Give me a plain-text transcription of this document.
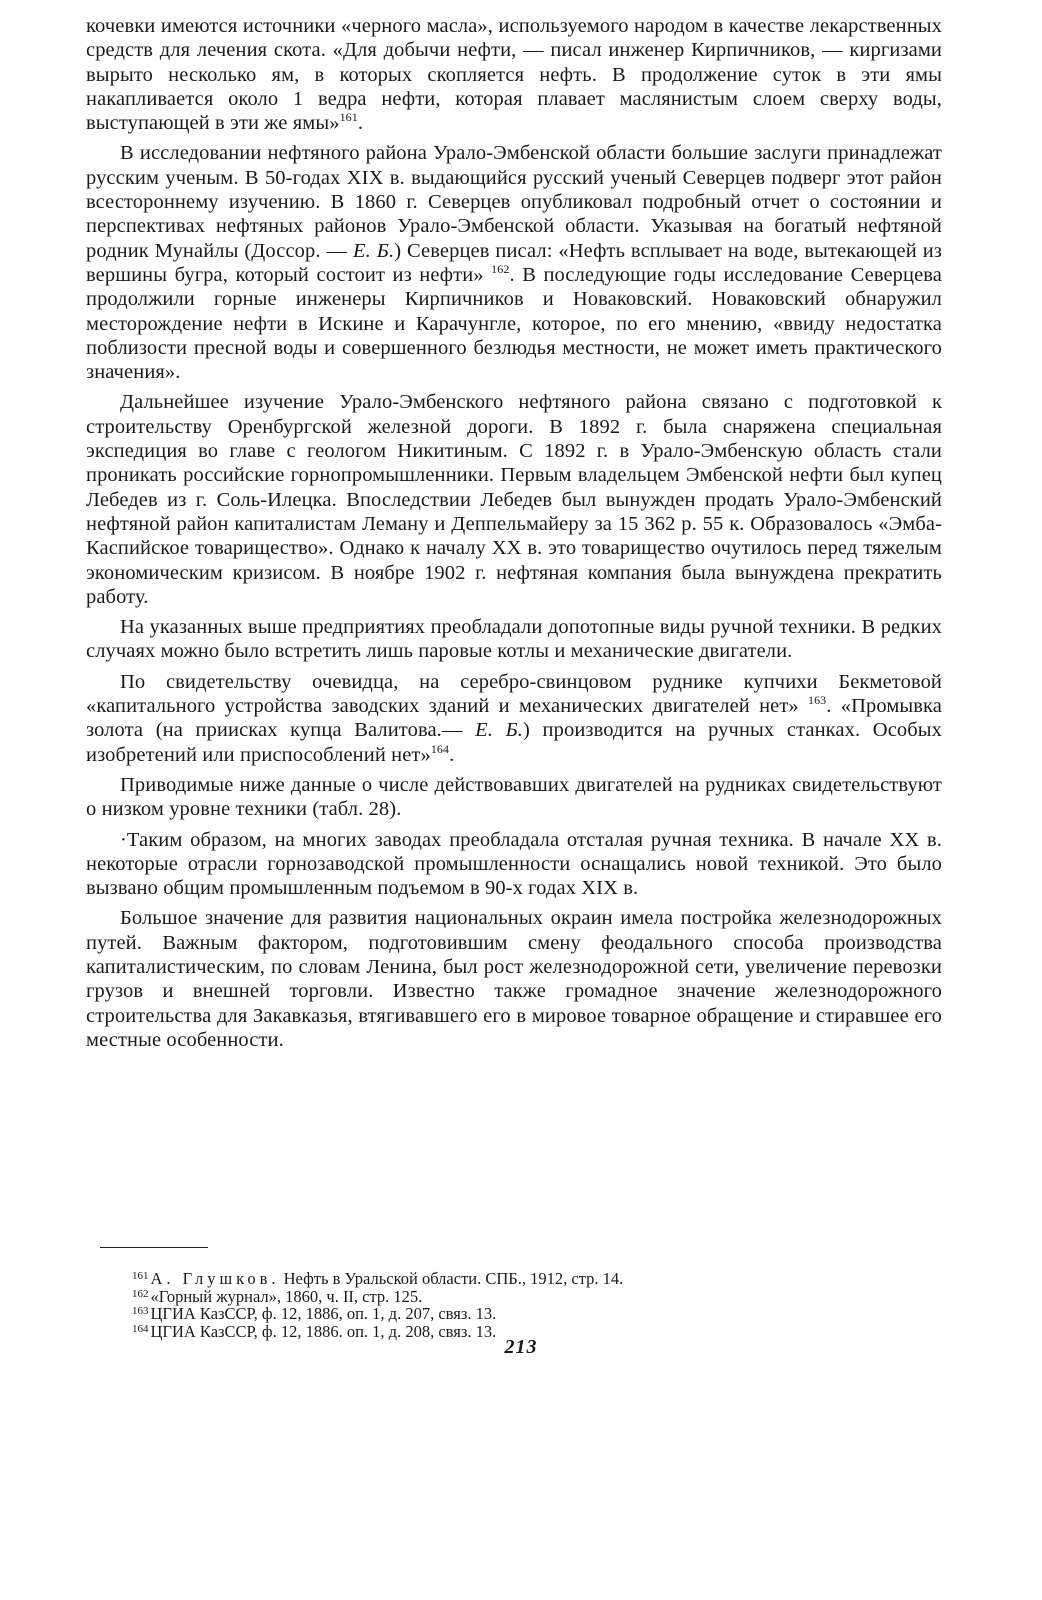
кочевки имеются источники «черного масла», используемого народом в качестве лекарственных средств для лечения скота. «Для добычи нефти, — писал инженер Кирпичников, — киргизами вырыто несколько ям, в которых скопляется нефть. В продолжение суток в эти ямы накапливается около 1 ведра нефти, которая плавает маслянистым слоем сверху воды, выступающей в эти же ямы»$^{161}$.

В исследовании нефтяного района Урало-Эмбенской области большие заслуги принадлежат русским ученым. В 50-годах XIX в. выдающийся русский ученый Северцев подверг этот район всестороннему изучению. В 1860 г. Северцев опубликовал подробный отчет о состоянии и перспективах нефтяных районов Урало-Эмбенской области. Указывая на богатый нефтяной родник Мунайлы (Доссор. — Е. Б.) Северцев писал: «Нефть всплывает на воде, вытекающей из вершины бугра, который состоит из нефти» $^{162}$. В последующие годы исследование Северцева продолжили горные инженеры Кирпичников и Новаковский. Новаковский обнаружил месторождение нефти в Искине и Карачунгле, которое, по его мнению, «ввиду недостатка поблизости пресной воды и совершенного безлюдья местности, не может иметь практического значения».

Дальнейшее изучение Урало-Эмбенского нефтяного района связано с подготовкой к строительству Оренбургской железной дороги. В 1892 г. была снаряжена специальная экспедиция во главе с геологом Никитиным. С 1892 г. в Урало-Эмбенскую область стали проникать российские горнопромышленники. Первым владельцем Эмбенской нефти был купец Лебедев из г. Соль-Илецка. Впоследствии Лебедев был вынужден продать Урало-Эмбенский нефтяной район капиталистам Леману и Деппельмайеру за 15 362 р. 55 к. Образовалось «Эмба-Каспийское товарищество». Однако к началу XX в. это товарищество очутилось перед тяжелым экономическим кризисом. В ноябре 1902 г. нефтяная компания была вынуждена прекратить работу.

На указанных выше предприятиях преобладали допотопные виды ручной техники. В редких случаях можно было встретить лишь паровые котлы и механические двигатели.

По свидетельству очевидца, на серебро-свинцовом руднике купчихи Бекметовой «капитального устройства заводских зданий и механических двигателей нет» $^{163}$. «Промывка золота (на приисках купца Валитова.— Е. Б.) производится на ручных станках. Особых изобретений или приспособлений нет»$^{164}$.

Приводимые ниже данные о числе действовавших двигателей на рудниках свидетельствуют о низком уровне техники (табл. 28).

·Таким образом, на многих заводах преобладала отсталая ручная техника. В начале XX в. некоторые отрасли горнозаводской промышленности оснащались новой техникой. Это было вызвано общим промышленным подъемом в 90-х годах XIX в.

Большое значение для развития национальных окраин имела постройка железнодорожных путей. Важным фактором, подготовившим смену феодального способа производства капиталистическим, по словам Ленина, был рост железнодорожной сети, увеличение перевозки грузов и внешней торговли. Известно также громадное значение железнодорожного строительства для Закавказья, втягивавшего его в мировое товарное обращение и стиравшее его местные особенности.

$^{161}$ А. Глушков. Нефть в Уральской области. СПБ., 1912, стр. 14.

$^{162}$ «Горный журнал», 1860, ч. II, стр. 125.

$^{163}$ ЦГИА КазССР, ф. 12, 1886, оп. 1, д. 207, связ. 13.

$^{164}$ ЦГИА КазССР, ф. 12, 1886. оп. 1, д. 208, связ. 13.

213
